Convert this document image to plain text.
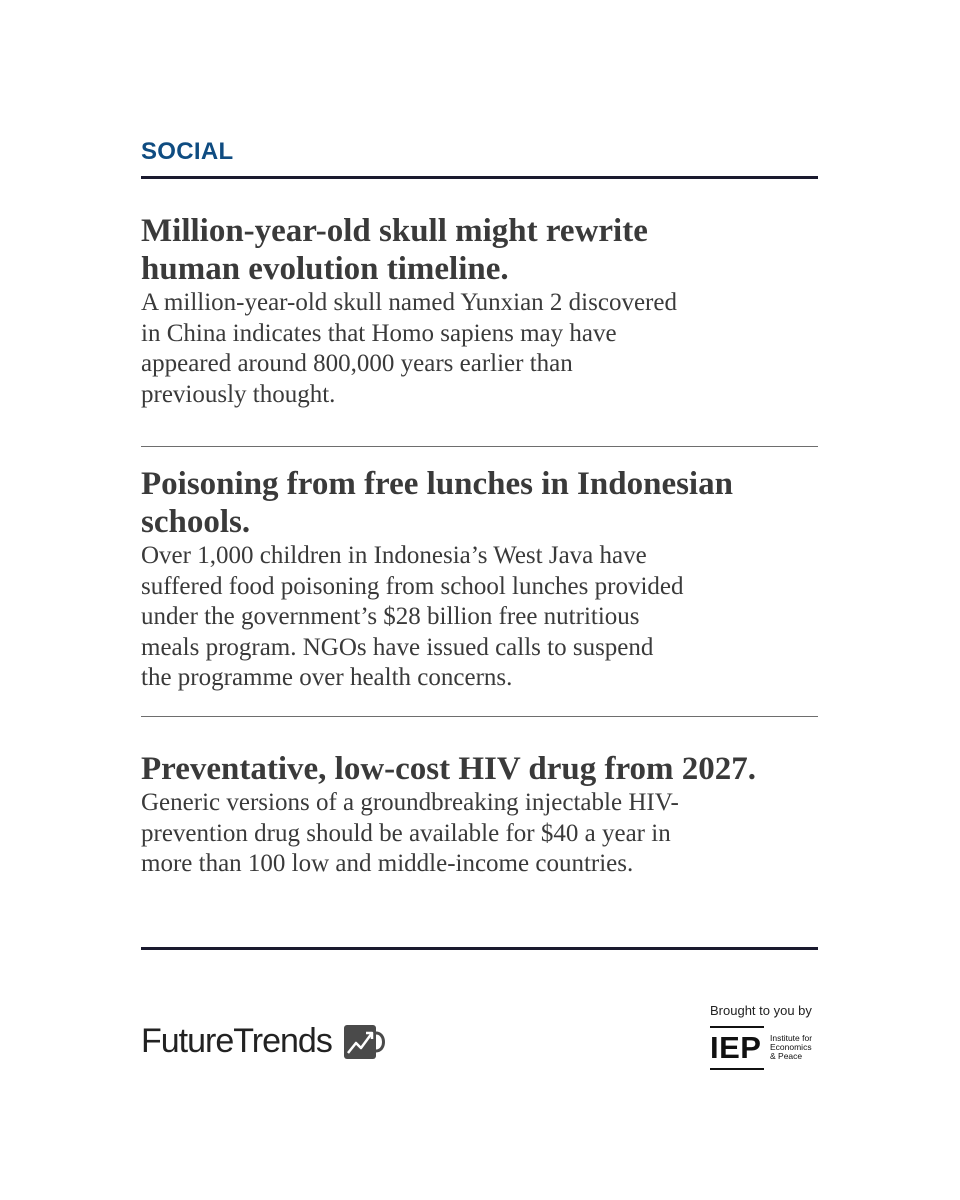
SOCIAL
Million-year-old skull might rewrite
human evolution timeline.

A million-year-old skull named Yunxian 2 discovered
in China indicates that Homo sapiens may have
appeared around 800,000 years earlier than
previously thought.

Poisoning from free lunches in Indonesian
schools.

Over 1,000 children in Indonesia’s West Java have
suffered food poisoning from school lunches provided
under the government’s $28 billion free nutritious
meals program. NGOs have issued calls to suspend
the programme over health concerns.

Preventative, low-cost HIV drug from 2027.

Generic versions of a groundbreaking injectable HIV-
prevention drug should be available for $40 a year in
more than 100 low and middle-income countries.

FutureTrends
Brought to you by
IEP Institute for
Economics
& Peace
